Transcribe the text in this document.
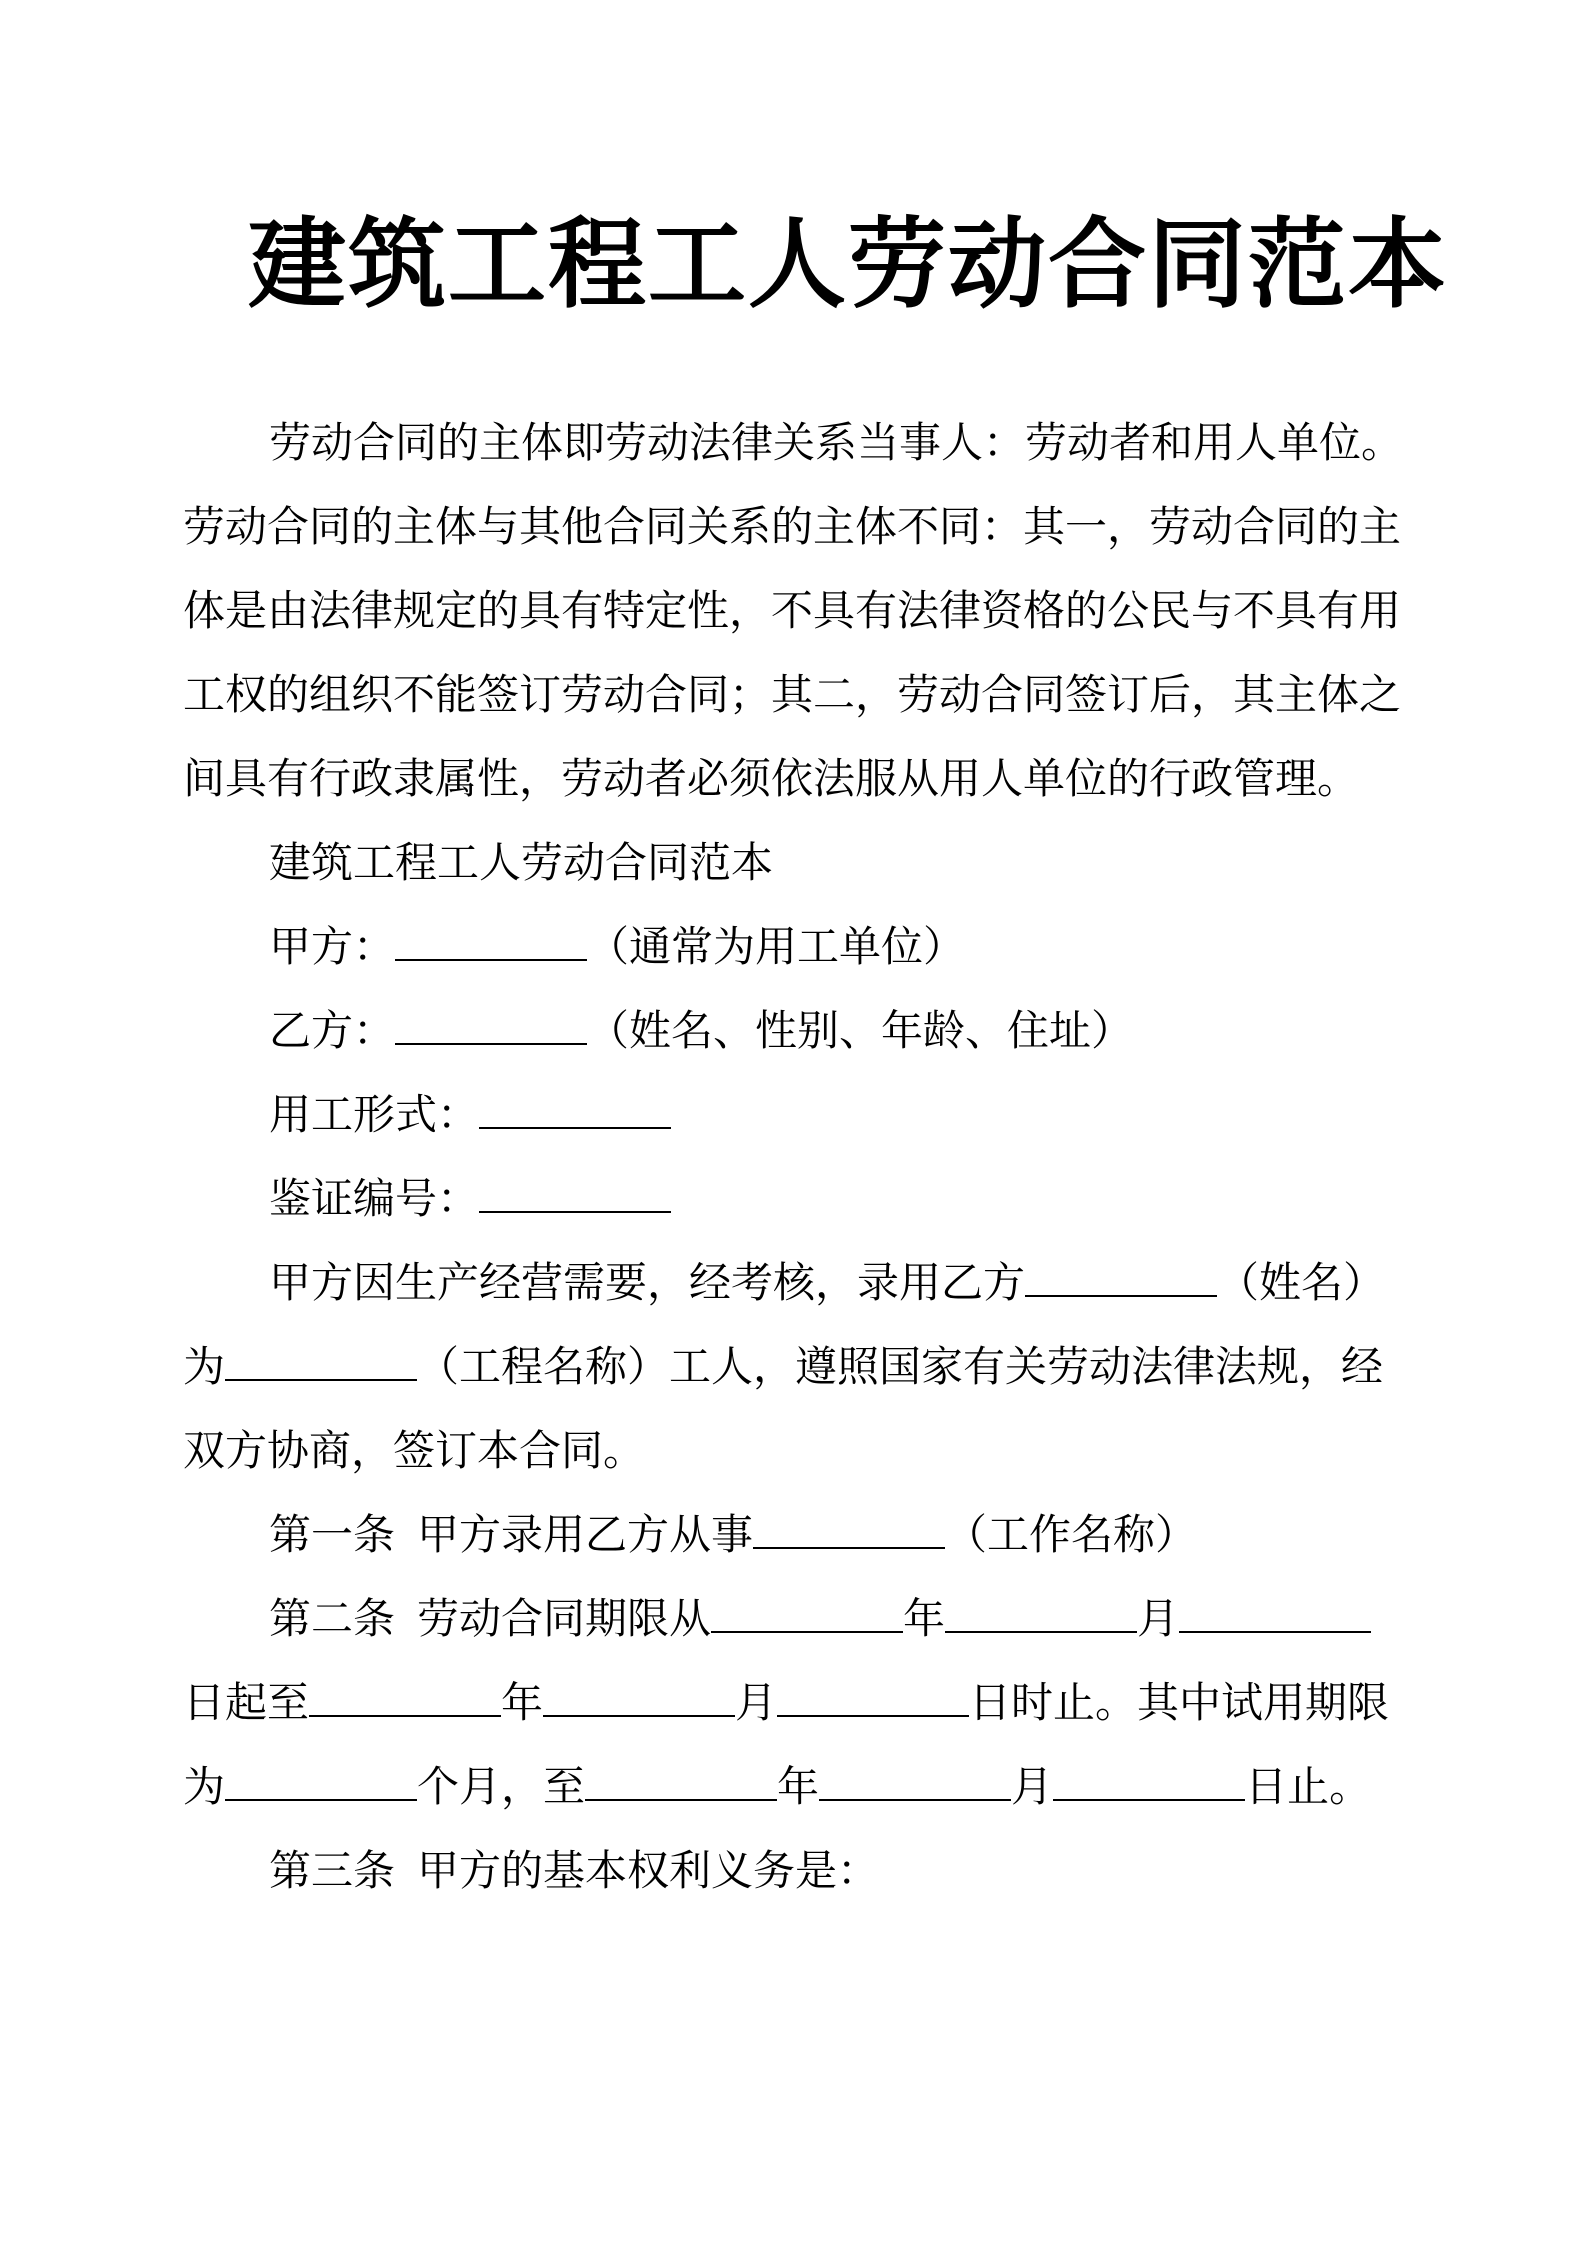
建筑工程工人劳动合同范本

劳动合同的主体即劳动法律关系当事人：劳动者和用人单位。劳动合同的主体与其他合同关系的主体不同：其一，劳动合同的主体是由法律规定的具有特定性，不具有法律资格的公民与不具有用工权的组织不能签订劳动合同；其二，劳动合同签订后，其主体之间具有行政隶属性，劳动者必须依法服从用人单位的行政管理。

建筑工程工人劳动合同范本

甲方：	（通常为用工单位）

乙方：	（姓名、性别、年龄、住址）

用工形式：

鉴证编号：

甲方因生产经营需要，经考核，录用乙方	（姓名）为	（工程名称）工人，遵照国家有关劳动法律法规，经双方协商，签订本合同。

第一条 甲方录用乙方从事	（工作名称）

第二条 劳动合同期限从	年	月日起至	年	月	日时止。其中试用期限为	个月，至	年	月	日止。

第三条 甲方的基本权利义务是：
